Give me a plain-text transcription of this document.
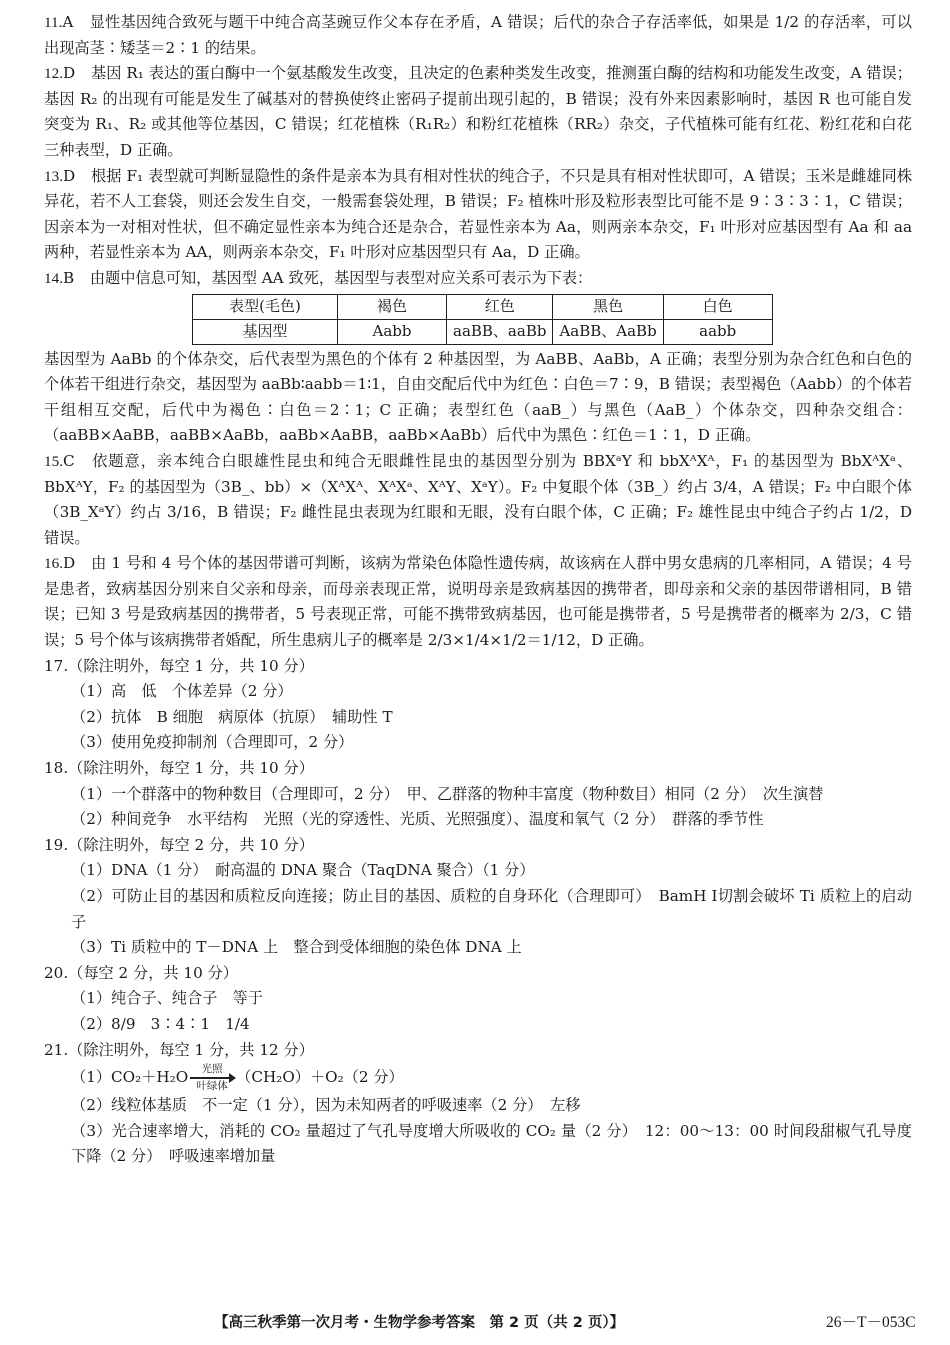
11.A 显性基因纯合致死与题干中纯合高茎豌豆作父本存在矛盾，A 错误；后代的杂合子存活率低，如果是 1/2 的存活率，可以出现高茎∶矮茎＝2∶1 的结果。

12.D 基因 R₁ 表达的蛋白酶中一个氨基酸发生改变，且决定的色素种类发生改变，推测蛋白酶的结构和功能发生改变，A 错误；基因 R₂ 的出现有可能是发生了碱基对的替换使终止密码子提前出现引起的，B 错误；没有外来因素影响时，基因 R 也可能自发突变为 R₁、R₂ 或其他等位基因，C 错误；红花植株（R₁R₂）和粉红花植株（RR₂）杂交，子代植株可能有红花、粉红花和白花三种表型，D 正确。

13.D 根据 F₁ 表型就可判断显隐性的条件是亲本为具有相对性状的纯合子，不只是具有相对性状即可，A 错误；玉米是雌雄同株异花，若不人工套袋，则还会发生自交，一般需套袋处理，B 错误；F₂ 植株叶形及粒形表型比可能不是 9∶3∶3∶1，C 错误；因亲本为一对相对性状，但不确定显性亲本为纯合还是杂合，若显性亲本为 Aa，则两亲本杂交，F₁ 叶形对应基因型有 Aa 和 aa 两种，若显性亲本为 AA，则两亲本杂交，F₁ 叶形对应基因型只有 Aa，D 正确。

14.B 由题中信息可知，基因型 AA 致死，基因型与表型对应关系可表示为下表：

表型(毛色)	褐色	红色	黑色	白色
基因型	Aabb	aaBB、aaBb	AaBB、AaBb	aabb

基因型为 AaBb 的个体杂交，后代表型为黑色的个体有 2 种基因型，为 AaBB、AaBb，A 正确；表型分别为杂合红色和白色的个体若干组进行杂交，基因型为 aaBb∶aabb＝1∶1，自由交配后代中为红色∶白色＝7∶9，B 错误；表型褐色（Aabb）的个体若干组相互交配，后代中为褐色∶白色＝2∶1；C 正确；表型红色（aaB_）与黑色（AaB_）个体杂交，四种杂交组合：（aaBB×AaBB，aaBB×AaBb，aaBb×AaBB，aaBb×AaBb）后代中为黑色∶红色＝1∶1，D 正确。

15.C 依题意，亲本纯合白眼雄性昆虫和纯合无眼雌性昆虫的基因型分别为 BBXᵃY 和 bbXᴬXᴬ，F₁ 的基因型为 BbXᴬXᵃ、BbXᴬY，F₂ 的基因型为（3B_、bb）×（XᴬXᴬ、XᴬXᵃ、XᴬY、XᵃY）。F₂ 中复眼个体（3B_）约占 3/4，A 错误；F₂ 中白眼个体（3B_XᵃY）约占 3/16，B 错误；F₂ 雌性昆虫表现为红眼和无眼，没有白眼个体，C 正确；F₂ 雄性昆虫中纯合子约占 1/2，D 错误。

16.D 由 1 号和 4 号个体的基因带谱可判断，该病为常染色体隐性遗传病，故该病在人群中男女患病的几率相同，A 错误；4 号是患者，致病基因分别来自父亲和母亲，而母亲表现正常，说明母亲是致病基因的携带者，即母亲和父亲的基因带谱相同，B 错误；已知 3 号是致病基因的携带者，5 号表现正常，可能不携带致病基因，也可能是携带者，5 号是携带者的概率为 2/3，C 错误；5 号个体与该病携带者婚配，所生患病儿子的概率是 2/3×1/4×1/2＝1/12，D 正确。

17.（除注明外，每空 1 分，共 10 分）

（1）高　低　个体差异（2 分）

（2）抗体　B 细胞　病原体（抗原）　辅助性 T

（3）使用免疫抑制剂（合理即可，2 分）

18.（除注明外，每空 1 分，共 10 分）

（1）一个群落中的物种数目（合理即可，2 分）　甲、乙群落的物种丰富度（物种数目）相同（2 分）　次生演替

（2）种间竞争　水平结构　光照（光的穿透性、光质、光照强度）、温度和氧气（2 分）　群落的季节性

19.（除注明外，每空 2 分，共 10 分）

（1）DNA（1 分）　耐高温的 DNA 聚合（TaqDNA 聚合）（1 分）

（2）可防止目的基因和质粒反向连接；防止目的基因、质粒的自身环化（合理即可）　BamH Ⅰ切割会破坏 Ti 质粒上的启动子

（3）Ti 质粒中的 T－DNA 上　整合到受体细胞的染色体 DNA 上

20.（每空 2 分，共 10 分）

（1）纯合子、纯合子　等于

（2）8/9　3∶4∶1　1/4

21.（除注明外，每空 1 分，共 12 分）

（1）CO₂＋H₂O 光照
叶绿体 （CH₂O）＋O₂（2 分）

（2）线粒体基质　不一定（1 分），因为未知两者的呼吸速率（2 分）　左移

（3）光合速率增大，消耗的 CO₂ 量超过了气孔导度增大所吸收的 CO₂ 量（2 分）　12：00～13：00 时间段甜椒气孔导度下降（2 分）　呼吸速率增加量

【高三秋季第一次月考・生物学参考答案　第 2 页（共 2 页）】	26－T－053C
